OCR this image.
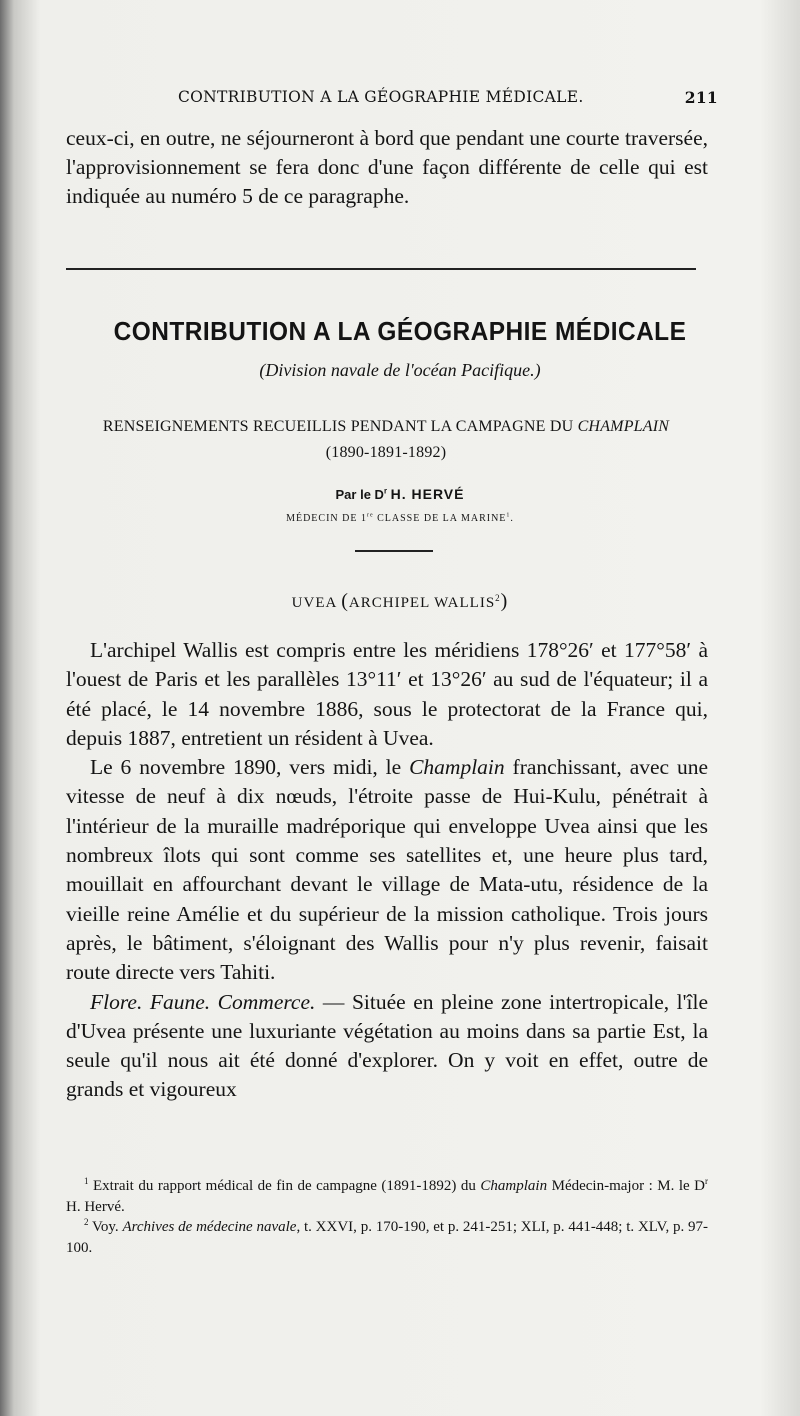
CONTRIBUTION A LA GÉOGRAPHIE MÉDICALE.	211
ceux-ci, en outre, ne séjourneront à bord que pendant une courte traversée, l'approvisionnement se fera donc d'une façon différente de celle qui est indiquée au numéro 5 de ce paragraphe.
CONTRIBUTION A LA GÉOGRAPHIE MÉDICALE
(Division navale de l'océan Pacifique.)
RENSEIGNEMENTS RECUEILLIS PENDANT LA CAMPAGNE DU CHAMPLAIN
(1890-1891-1892)
Par le $D^r$ H. HERVÉ
MÉDECIN DE 1re CLASSE DE LA MARINE$^1$.
UVEA (ARCHIPEL WALLIS$^2$)

L'archipel Wallis est compris entre les méridiens 178°26′ et 177°58′ à l'ouest de Paris et les parallèles 13°11′ et 13°26′ au sud de l'équateur; il a été placé, le 14 novembre 1886, sous le protectorat de la France qui, depuis 1887, entretient un résident à Uvea.

Le 6 novembre 1890, vers midi, le Champlain franchissant, avec une vitesse de neuf à dix nœuds, l'étroite passe de Hui-Kulu, pénétrait à l'intérieur de la muraille madréporique qui enveloppe Uvea ainsi que les nombreux îlots qui sont comme ses satellites et, une heure plus tard, mouillait en affourchant devant le village de Mata-utu, résidence de la vieille reine Amélie et du supérieur de la mission catholique. Trois jours après, le bâtiment, s'éloignant des Wallis pour n'y plus revenir, faisait route directe vers Tahiti.

Flore. Faune. Commerce. — Située en pleine zone intertropicale, l'île d'Uvea présente une luxuriante végétation au moins dans sa partie Est, la seule qu'il nous ait été donné d'explorer. On y voit en effet, outre de grands et vigoureux

$^1$ Extrait du rapport médical de fin de campagne (1891-1892) du Champlain Médecin-major : M. le $D^r$ H. Hervé.

$^2$ Voy. Archives de médecine navale, t. XXVI, p. 170-190, et p. 241-251; XLI, p. 441-448; t. XLV, p. 97-100.
